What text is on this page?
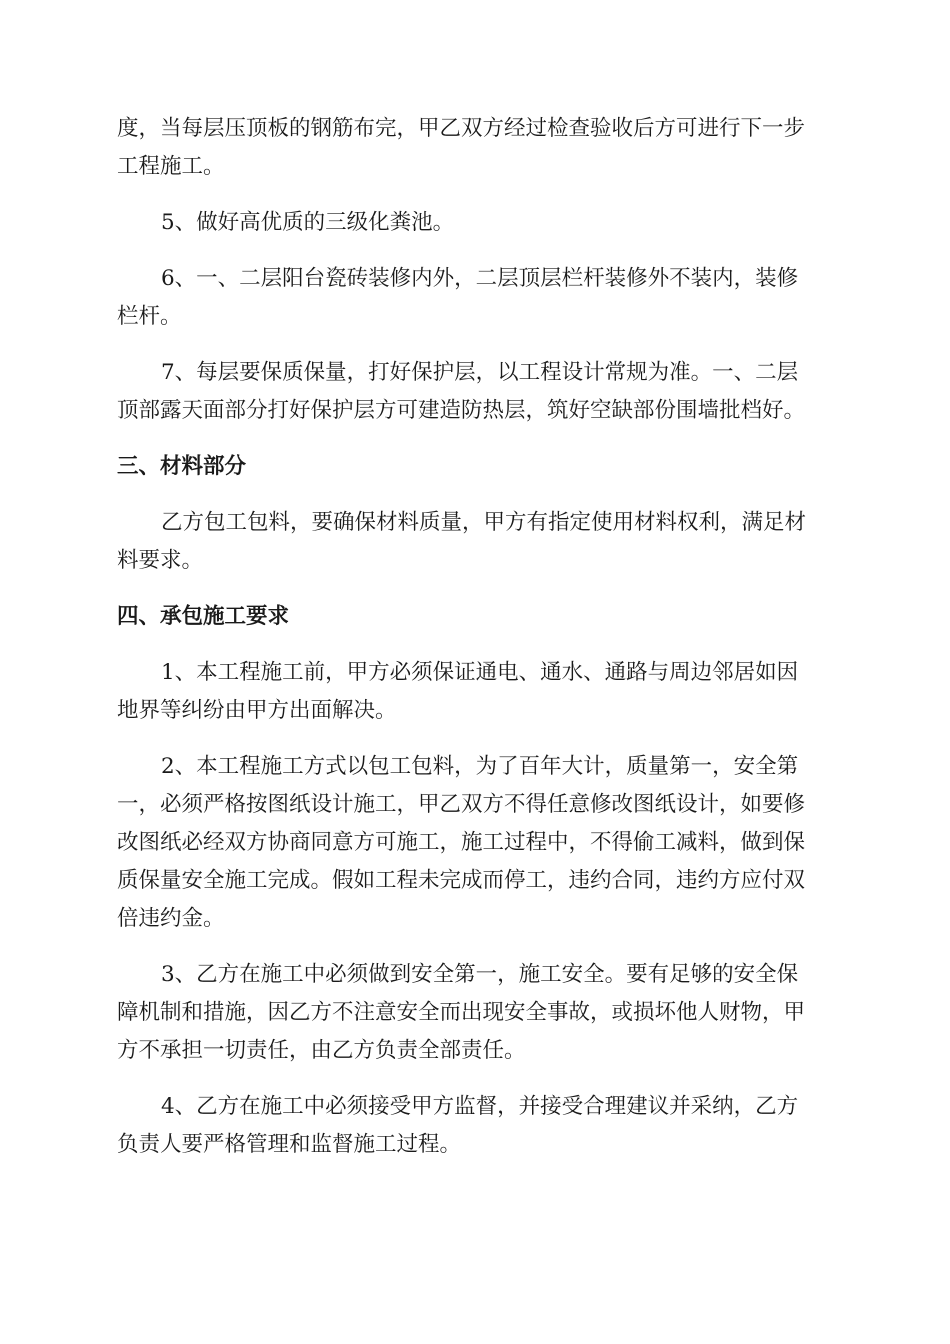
度，当每层压顶板的钢筋布完，甲乙双方经过检查验收后方可进行下一步
工程施工。
5、做好高优质的三级化粪池。
6、一、二层阳台瓷砖装修内外，二层顶层栏杆装修外不装内，装修
栏杆。
7、每层要保质保量，打好保护层，以工程设计常规为准。一、二层
顶部露天面部分打好保护层方可建造防热层，筑好空缺部份围墙批档好。
三、材料部分
乙方包工包料，要确保材料质量，甲方有指定使用材料权利，满足材
料要求。
四、承包施工要求
1、本工程施工前，甲方必须保证通电、通水、通路与周边邻居如因
地界等纠纷由甲方出面解决。
2、本工程施工方式以包工包料，为了百年大计，质量第一，安全第
一，必须严格按图纸设计施工，甲乙双方不得任意修改图纸设计，如要修
改图纸必经双方协商同意方可施工，施工过程中，不得偷工减料，做到保
质保量安全施工完成。假如工程未完成而停工，违约合同，违约方应付双
倍违约金。
3、乙方在施工中必须做到安全第一，施工安全。要有足够的安全保
障机制和措施，因乙方不注意安全而出现安全事故，或损坏他人财物，甲
方不承担一切责任，由乙方负责全部责任。
4、乙方在施工中必须接受甲方监督，并接受合理建议并采纳，乙方
负责人要严格管理和监督施工过程。
